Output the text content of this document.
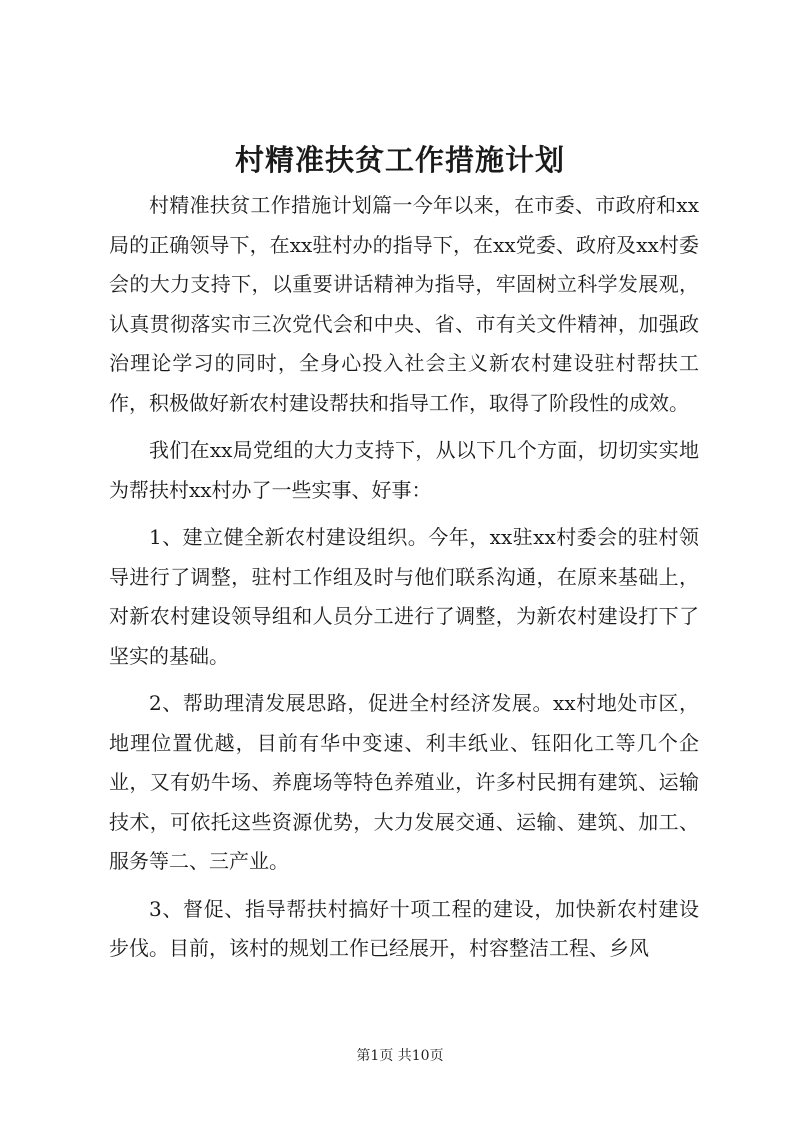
村精准扶贫工作措施计划

村精准扶贫工作措施计划篇一今年以来，在市委、市政府和xx局的正确领导下，在xx驻村办的指导下，在xx党委、政府及xx村委会的大力支持下，以重要讲话精神为指导，牢固树立科学发展观，认真贯彻落实市三次党代会和中央、省、市有关文件精神，加强政治理论学习的同时，全身心投入社会主义新农村建设驻村帮扶工作，积极做好新农村建设帮扶和指导工作，取得了阶段性的成效。

我们在xx局党组的大力支持下，从以下几个方面，切切实实地为帮扶村xx村办了一些实事、好事：

1、建立健全新农村建设组织。今年，xx驻xx村委会的驻村领导进行了调整，驻村工作组及时与他们联系沟通，在原来基础上，对新农村建设领导组和人员分工进行了调整，为新农村建设打下了坚实的基础。

2、帮助理清发展思路，促进全村经济发展。xx村地处市区，地理位置优越，目前有华中变速、利丰纸业、钰阳化工等几个企业，又有奶牛场、养鹿场等特色养殖业，许多村民拥有建筑、运输技术，可依托这些资源优势，大力发展交通、运输、建筑、加工、服务等二、三产业。

3、督促、指导帮扶村搞好十项工程的建设，加快新农村建设步伐。目前，该村的规划工作已经展开，村容整洁工程、乡风

第1页 共10页
